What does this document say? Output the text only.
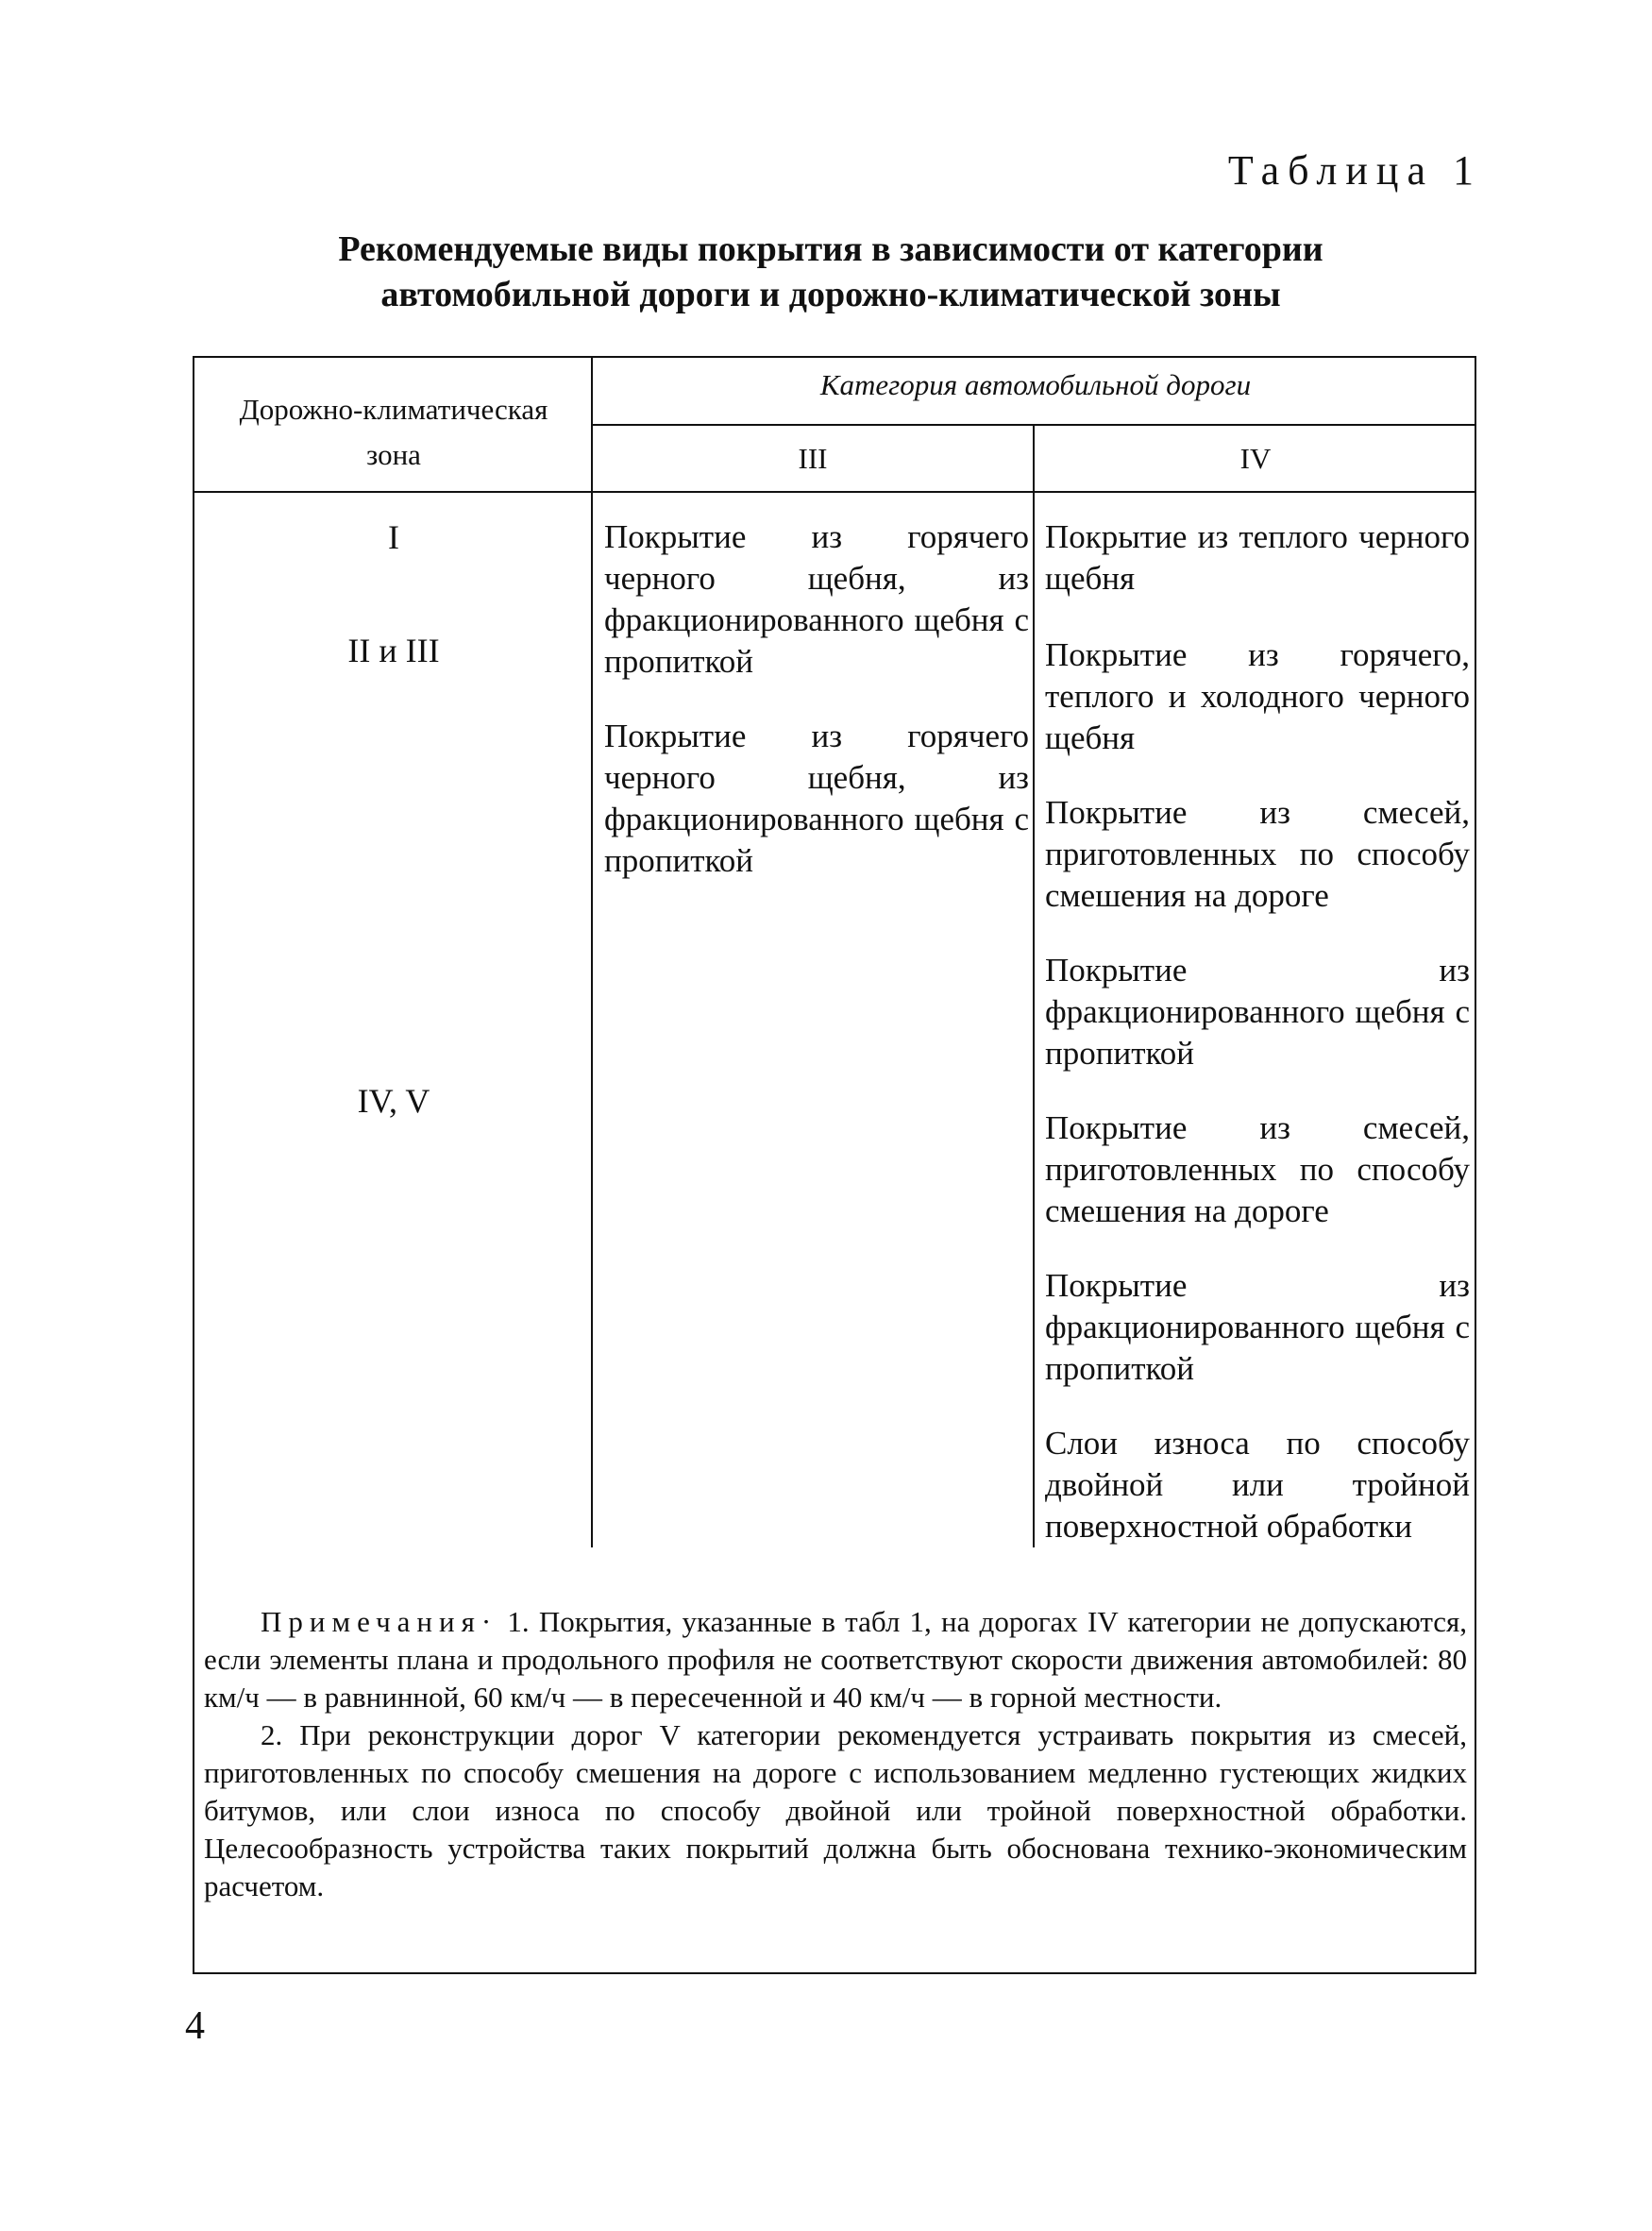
Таблица 1
Рекомендуемые виды покрытия в зависимости от категории
автомобильной дороги и дорожно-климатической зоны
Дорожно-климатическая
зона
Категория автомобильной дороги
III	IV
I
II и III
IV, V
Покрытие из горячего черного щебня, из фракционированного щебня с пропиткой
Покрытие из горячего черного щебня, из фракционированного щебня с пропиткой
Покрытие из теплого черного щебня
Покрытие из горячего, теплого и холодного черного щебня
Покрытие из смесей, приготовленных по способу смешения на дороге
Покрытие из фракционированного щебня с пропиткой
Покрытие из смесей, приготовленных по способу смешения на дороге
Покрытие из фракционированного щебня с пропиткой
Слои износа по способу двойной или тройной поверхностной обработки

Примечания· 1. Покрытия, указанные в табл 1, на дорогах IV категории не допускаются, если элементы плана и продольного профиля не соответствуют скорости движения автомобилей: 80 км/ч — в равнинной, 60 км/ч — в пересеченной и 40 км/ч — в горной местности.

2. При реконструкции дорог V категории рекомендуется устраивать покрытия из смесей, приготовленных по способу смешения на дороге с использованием медленно густеющих жидких битумов, или слои износа по способу двойной или тройной поверхностной обработки. Целесообразность устройства таких покрытий должна быть обоснована технико-экономическим расчетом.

4
